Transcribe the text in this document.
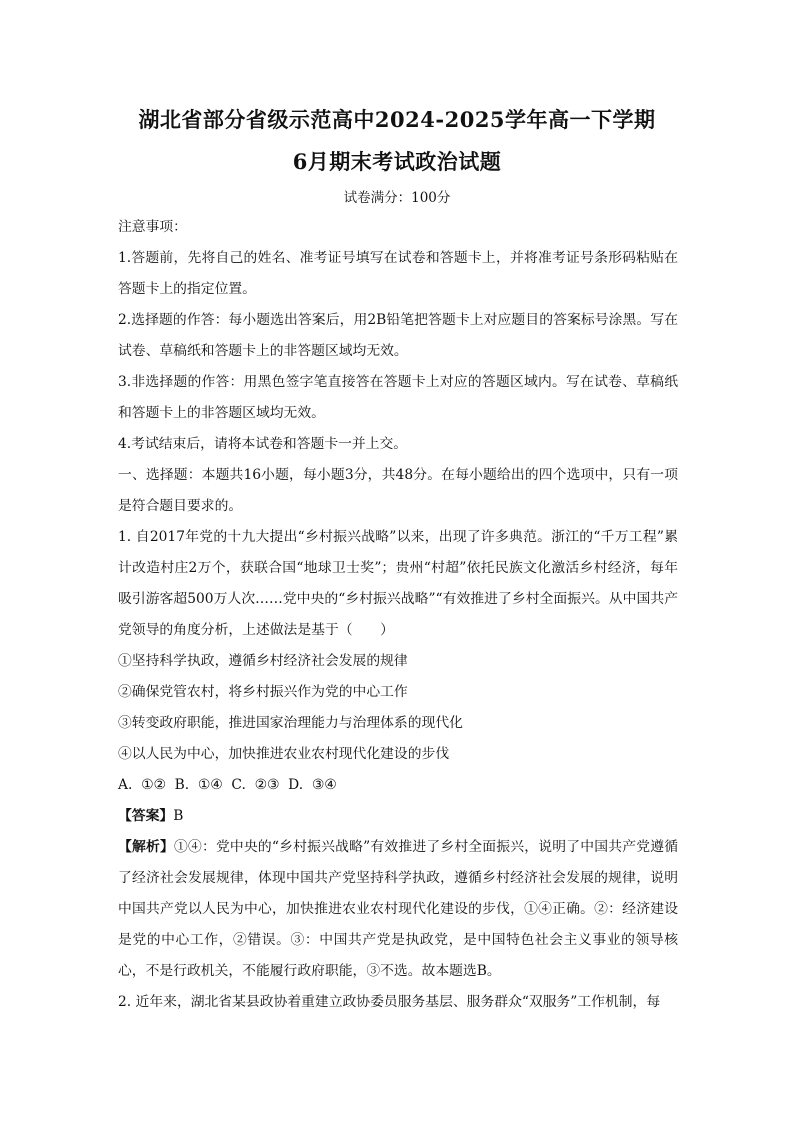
湖北省部分省级示范高中2024-2025学年高一下学期
6月期末考试政治试题
试卷满分：100分

注意事项：

1.答题前，先将自己的姓名、准考证号填写在试卷和答题卡上，并将准考证号条形码粘贴在答题卡上的指定位置。

2.选择题的作答：每小题选出答案后，用2B铅笔把答题卡上对应题目的答案标号涂黑。写在试卷、草稿纸和答题卡上的非答题区域均无效。

3.非选择题的作答：用黑色签字笔直接答在答题卡上对应的答题区域内。写在试卷、草稿纸和答题卡上的非答题区域均无效。

4.考试结束后，请将本试卷和答题卡一并上交。

一、选择题：本题共16小题，每小题3分，共48分。在每小题给出的四个选项中，只有一项是符合题目要求的。

1. 自2017年党的十九大提出“乡村振兴战略”以来，出现了许多典范。浙江的“千万工程”累计改造村庄2万个，获联合国“地球卫士奖”；贵州“村超”依托民族文化激活乡村经济，每年吸引游客超500万人次……党中央的“乡村振兴战略”“有效推进了乡村全面振兴。从中国共产党领导的角度分析，上述做法是基于（　　）

①坚持科学执政，遵循乡村经济社会发展的规律

②确保党管农村，将乡村振兴作为党的中心工作

③转变政府职能，推进国家治理能力与治理体系的现代化

④以人民为中心，加快推进农业农村现代化建设的步伐

A.  ①②  B.  ①④  C.  ②③  D.  ③④

【答案】B

【解析】①④：党中央的“乡村振兴战略”有效推进了乡村全面振兴，说明了中国共产党遵循了经济社会发展规律，体现中国共产党坚持科学执政，遵循乡村经济社会发展的规律，说明中国共产党以人民为中心，加快推进农业农村现代化建设的步伐，①④正确。②：经济建设是党的中心工作，②错误。③：中国共产党是执政党，是中国特色社会主义事业的领导核心，不是行政机关，不能履行政府职能，③不选。故本题选B。

2. 近年来，湖北省某县政协着重建立政协委员服务基层、服务群众“双服务”工作机制，每
